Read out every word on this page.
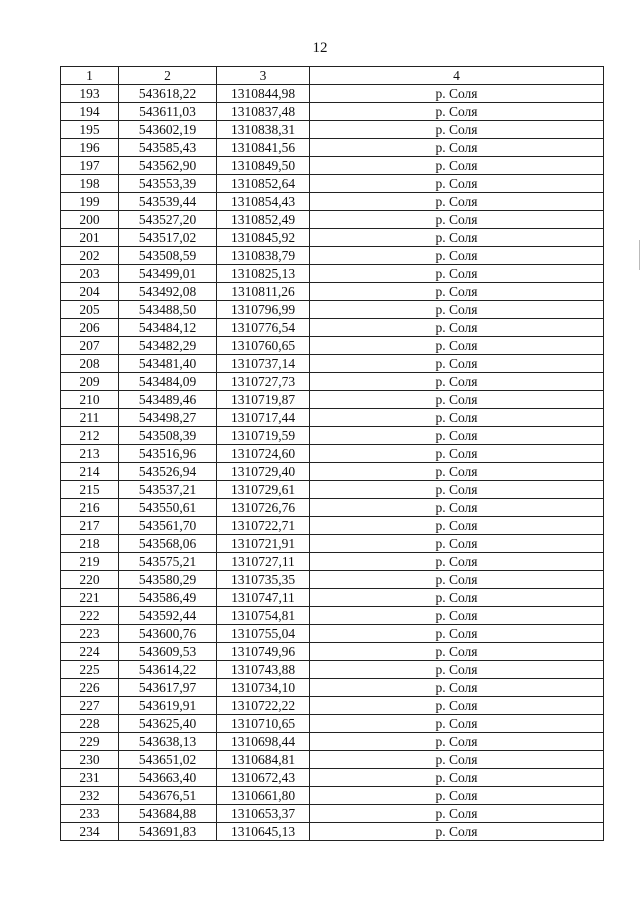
12
1	2	3	4
193	543618,22	1310844,98	р. Соля
194	543611,03	1310837,48	р. Соля
195	543602,19	1310838,31	р. Соля
196	543585,43	1310841,56	р. Соля
197	543562,90	1310849,50	р. Соля
198	543553,39	1310852,64	р. Соля
199	543539,44	1310854,43	р. Соля
200	543527,20	1310852,49	р. Соля
201	543517,02	1310845,92	р. Соля
202	543508,59	1310838,79	р. Соля
203	543499,01	1310825,13	р. Соля
204	543492,08	1310811,26	р. Соля
205	543488,50	1310796,99	р. Соля
206	543484,12	1310776,54	р. Соля
207	543482,29	1310760,65	р. Соля
208	543481,40	1310737,14	р. Соля
209	543484,09	1310727,73	р. Соля
210	543489,46	1310719,87	р. Соля
211	543498,27	1310717,44	р. Соля
212	543508,39	1310719,59	р. Соля
213	543516,96	1310724,60	р. Соля
214	543526,94	1310729,40	р. Соля
215	543537,21	1310729,61	р. Соля
216	543550,61	1310726,76	р. Соля
217	543561,70	1310722,71	р. Соля
218	543568,06	1310721,91	р. Соля
219	543575,21	1310727,11	р. Соля
220	543580,29	1310735,35	р. Соля
221	543586,49	1310747,11	р. Соля
222	543592,44	1310754,81	р. Соля
223	543600,76	1310755,04	р. Соля
224	543609,53	1310749,96	р. Соля
225	543614,22	1310743,88	р. Соля
226	543617,97	1310734,10	р. Соля
227	543619,91	1310722,22	р. Соля
228	543625,40	1310710,65	р. Соля
229	543638,13	1310698,44	р. Соля
230	543651,02	1310684,81	р. Соля
231	543663,40	1310672,43	р. Соля
232	543676,51	1310661,80	р. Соля
233	543684,88	1310653,37	р. Соля
234	543691,83	1310645,13	р. Соля
